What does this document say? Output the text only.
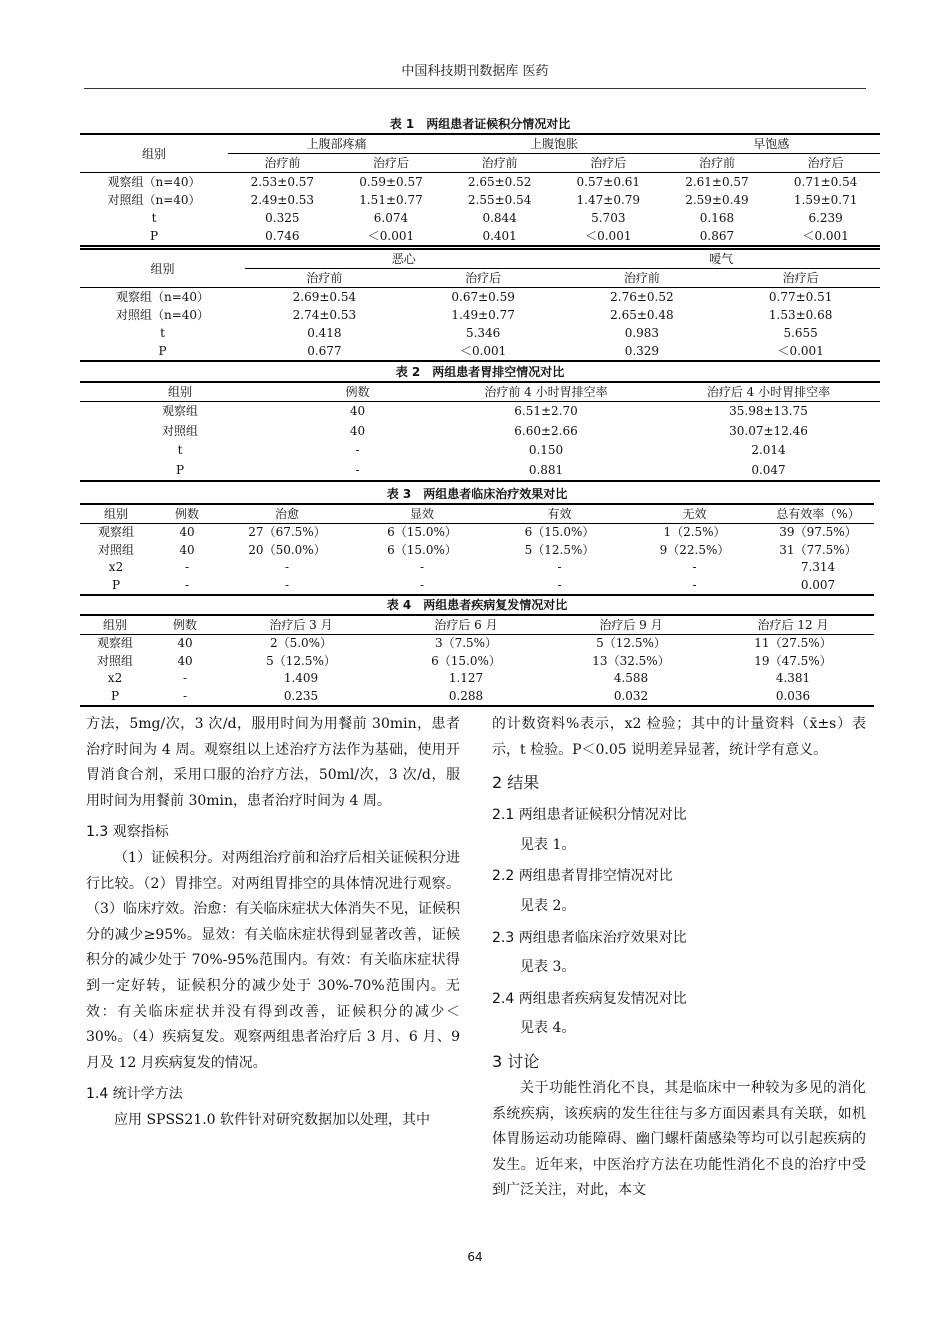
中国科技期刊数据库 医药
表 1　两组患者证候积分情况对比
组别	上腹部疼痛		上腹饱胀		早饱感	
	治疗前	治疗后	治疗前	治疗后	治疗前	治疗后
观察组（n=40）	2.53±0.57	0.59±0.57	2.65±0.52	0.57±0.61	2.61±0.57	0.71±0.54
对照组（n=40）	2.49±0.53	1.51±0.77	2.55±0.54	1.47±0.79	2.59±0.49	1.59±0.71
t	0.325	6.074	0.844	5.703	0.168	6.239
P	0.746	＜0.001	0.401	＜0.001	0.867	＜0.001
组别	恶心		嗳气	
	治疗前	治疗后	治疗前	治疗后
观察组（n=40）	2.69±0.54	0.67±0.59	2.76±0.52	0.77±0.51
对照组（n=40）	2.74±0.53	1.49±0.77	2.65±0.48	1.53±0.68
t	0.418	5.346	0.983	5.655
P	0.677	＜0.001	0.329	＜0.001
表 2　两组患者胃排空情况对比
组别	例数	治疗前 4 小时胃排空率	治疗后 4 小时胃排空率
观察组	40	6.51±2.70	35.98±13.75
对照组	40	6.60±2.66	30.07±12.46
t	-	0.150	2.014
P	-	0.881	0.047
表 3　两组患者临床治疗效果对比
组别	例数	治愈	显效	有效	无效	总有效率（%）
观察组	40	27（67.5%）	6（15.0%）	6（15.0%）	1（2.5%）	39（97.5%）
对照组	40	20（50.0%）	6（15.0%）	5（12.5%）	9（22.5%）	31（77.5%）
x2	-	-	-	-	-	7.314
P	-	-	-	-	-	0.007
表 4　两组患者疾病复发情况对比
组别	例数	治疗后 3 月	治疗后 6 月	治疗后 9 月	治疗后 12 月
观察组	40	2（5.0%）	3（7.5%）	5（12.5%）	11（27.5%）
对照组	40	5（12.5%）	6（15.0%）	13（32.5%）	19（47.5%）
x2	-	1.409	1.127	4.588	4.381
P	-	0.235	0.288	0.032	0.036

方法，5mg/次，3 次/d，服用时间为用餐前 30min，患者治疗时间为 4 周。观察组以上述治疗方法作为基础，使用开胃消食合剂，采用口服的治疗方法，50ml/次，3 次/d，服用时间为用餐前 30min，患者治疗时间为 4 周。

1.3 观察指标

（1）证候积分。对两组治疗前和治疗后相关证候积分进行比较。（2）胃排空。对两组胃排空的具体情况进行观察。（3）临床疗效。治愈：有关临床症状大体消失不见，证候积分的减少≥95%。显效：有关临床症状得到显著改善，证候积分的减少处于 70%-95%范围内。有效：有关临床症状得到一定好转，证候积分的减少处于 30%-70%范围内。无效：有关临床症状并没有得到改善，证候积分的减少＜30%。（4）疾病复发。观察两组患者治疗后 3 月、6 月、9 月及 12 月疾病复发的情况。

1.4 统计学方法

应用 SPSS21.0 软件针对研究数据加以处理，其中

的计数资料%表示，x2 检验；其中的计量资料（x̄±s）表示，t 检验。P＜0.05 说明差异显著，统计学有意义。

2 结果

2.1 两组患者证候积分情况对比

见表 1。

2.2 两组患者胃排空情况对比

见表 2。

2.3 两组患者临床治疗效果对比

见表 3。

2.4 两组患者疾病复发情况对比

见表 4。

3 讨论

关于功能性消化不良，其是临床中一种较为多见的消化系统疾病，该疾病的发生往往与多方面因素具有关联，如机体胃肠运动功能障碍、幽门螺杆菌感染等均可以引起疾病的发生。近年来，中医治疗方法在功能性消化不良的治疗中受到广泛关注，对此，本文

64
